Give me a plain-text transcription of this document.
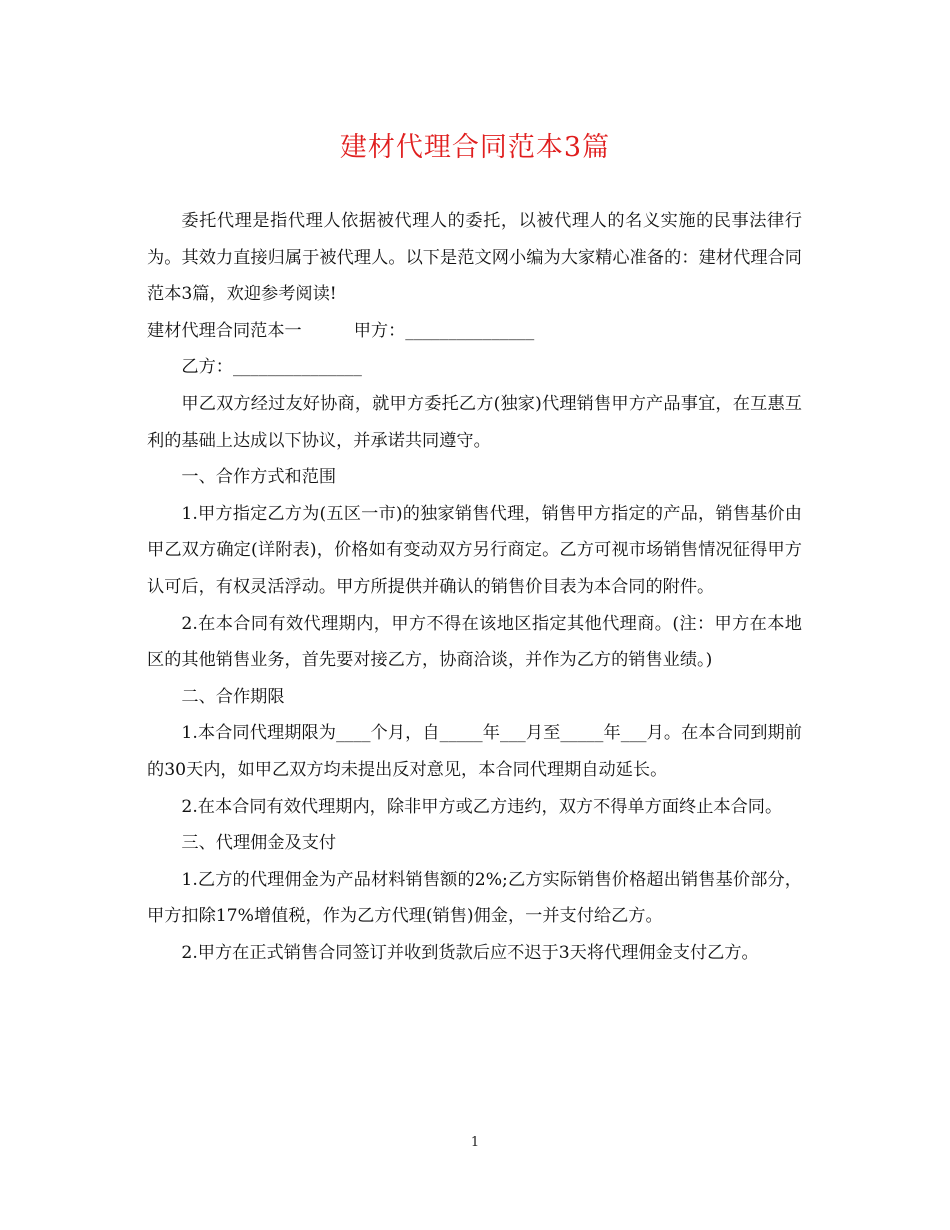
建材代理合同范本3篇

委托代理是指代理人依据被代理人的委托，以被代理人的名义实施的民事法律行为。其效力直接归属于被代理人。以下是范文网小编为大家精心准备的：建材代理合同范本3篇，欢迎参考阅读!

建材代理合同范本一	甲方：_______________

乙方：_______________

甲乙双方经过友好协商，就甲方委托乙方(独家)代理销售甲方产品事宜，在互惠互利的基础上达成以下协议，并承诺共同遵守。

一、合作方式和范围

1.甲方指定乙方为(五区一市)的独家销售代理，销售甲方指定的产品，销售基价由甲乙双方确定(详附表)，价格如有变动双方另行商定。乙方可视市场销售情况征得甲方认可后，有权灵活浮动。甲方所提供并确认的销售价目表为本合同的附件。

2.在本合同有效代理期内，甲方不得在该地区指定其他代理商。(注：甲方在本地区的其他销售业务，首先要对接乙方，协商洽谈，并作为乙方的销售业绩。)

二、合作期限

1.本合同代理期限为____个月，自_____年___月至_____年___月。在本合同到期前的30天内，如甲乙双方均未提出反对意见，本合同代理期自动延长。

2.在本合同有效代理期内，除非甲方或乙方违约，双方不得单方面终止本合同。

三、代理佣金及支付

1.乙方的代理佣金为产品材料销售额的2%;乙方实际销售价格超出销售基价部分，甲方扣除17%增值税，作为乙方代理(销售)佣金，一并支付给乙方。

2.甲方在正式销售合同签订并收到货款后应不迟于3天将代理佣金支付乙方。

1
